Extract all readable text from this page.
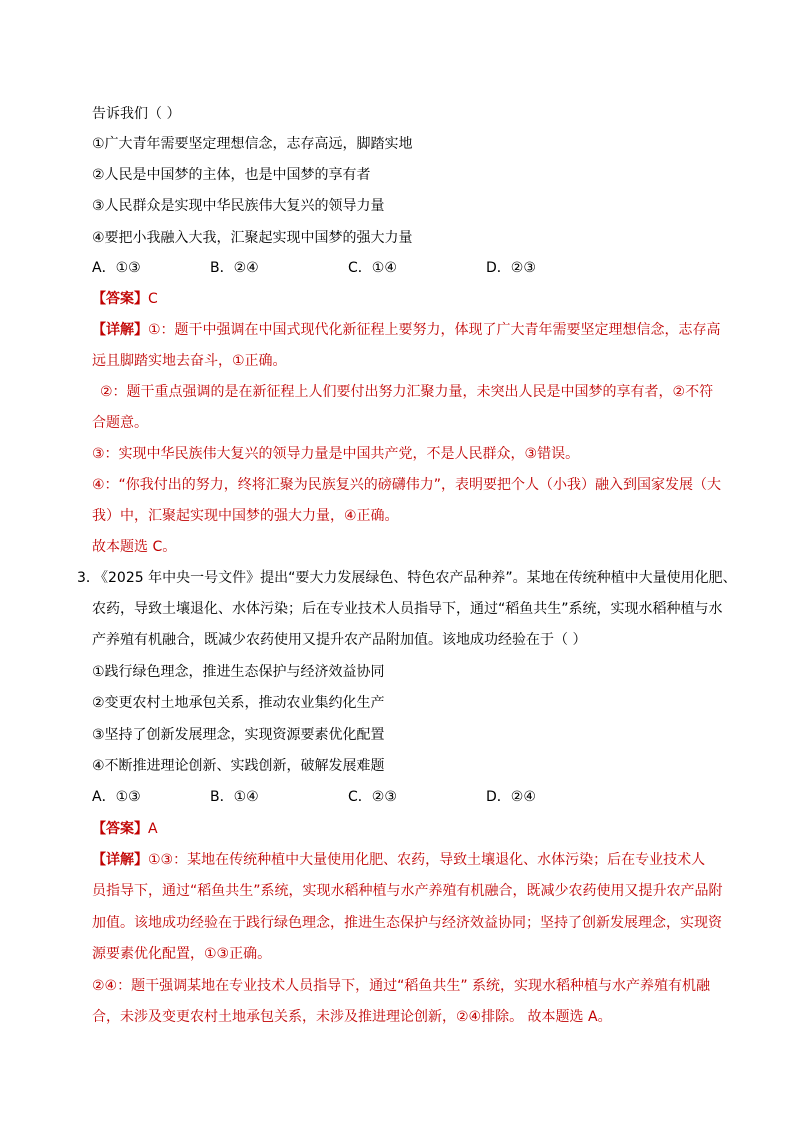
告诉我们（ ）
①广大青年需要坚定理想信念，志存高远，脚踏实地
②人民是中国梦的主体，也是中国梦的享有者
③人民群众是实现中华民族伟大复兴的领导力量
④要把小我融入大我，汇聚起实现中国梦的强大力量
A．①③	B．②④	C．①④	D．②③
【答案】C
【详解】①：题干中强调在中国式现代化新征程上要努力，体现了广大青年需要坚定理想信念，志存高
远且脚踏实地去奋斗，①正确。
②：题干重点强调的是在新征程上人们要付出努力汇聚力量，未突出人民是中国梦的享有者，②不符
合题意。
③：实现中华民族伟大复兴的领导力量是中国共产党，不是人民群众，③错误。
④：“你我付出的努力，终将汇聚为民族复兴的磅礴伟力”，表明要把个人（小我）融入到国家发展（大
我）中，汇聚起实现中国梦的强大力量，④正确。
故本题选 C。
3．
《2025 年中央一号文件》提出“要大力发展绿色、特色农产品种养”。某地在传统种植中大量使用化肥、
农药，导致土壤退化、水体污染；后在专业技术人员指导下，通过“稻鱼共生”系统，实现水稻种植与水
产养殖有机融合，既减少农药使用又提升农产品附加值。该地成功经验在于（ ）
①践行绿色理念，推进生态保护与经济效益协同
②变更农村土地承包关系，推动农业集约化生产
③坚持了创新发展理念，实现资源要素优化配置
④不断推进理论创新、实践创新，破解发展难题
A．①③	B．①④	C．②③	D．②④
【答案】A
【详解】①③：某地在传统种植中大量使用化肥、农药，导致土壤退化、水体污染；后在专业技术人
员指导下，通过“稻鱼共生”系统，实现水稻种植与水产养殖有机融合，既减少农药使用又提升农产品附
加值。该地成功经验在于践行绿色理念，推进生态保护与经济效益协同；坚持了创新发展理念，实现资
源要素优化配置，①③正确。
②④：题干强调某地在专业技术人员指导下，通过“稻鱼共生” 系统，实现水稻种植与水产养殖有机融
合，未涉及变更农村土地承包关系，未涉及推进理论创新，②④排除。 故本题选 A。
